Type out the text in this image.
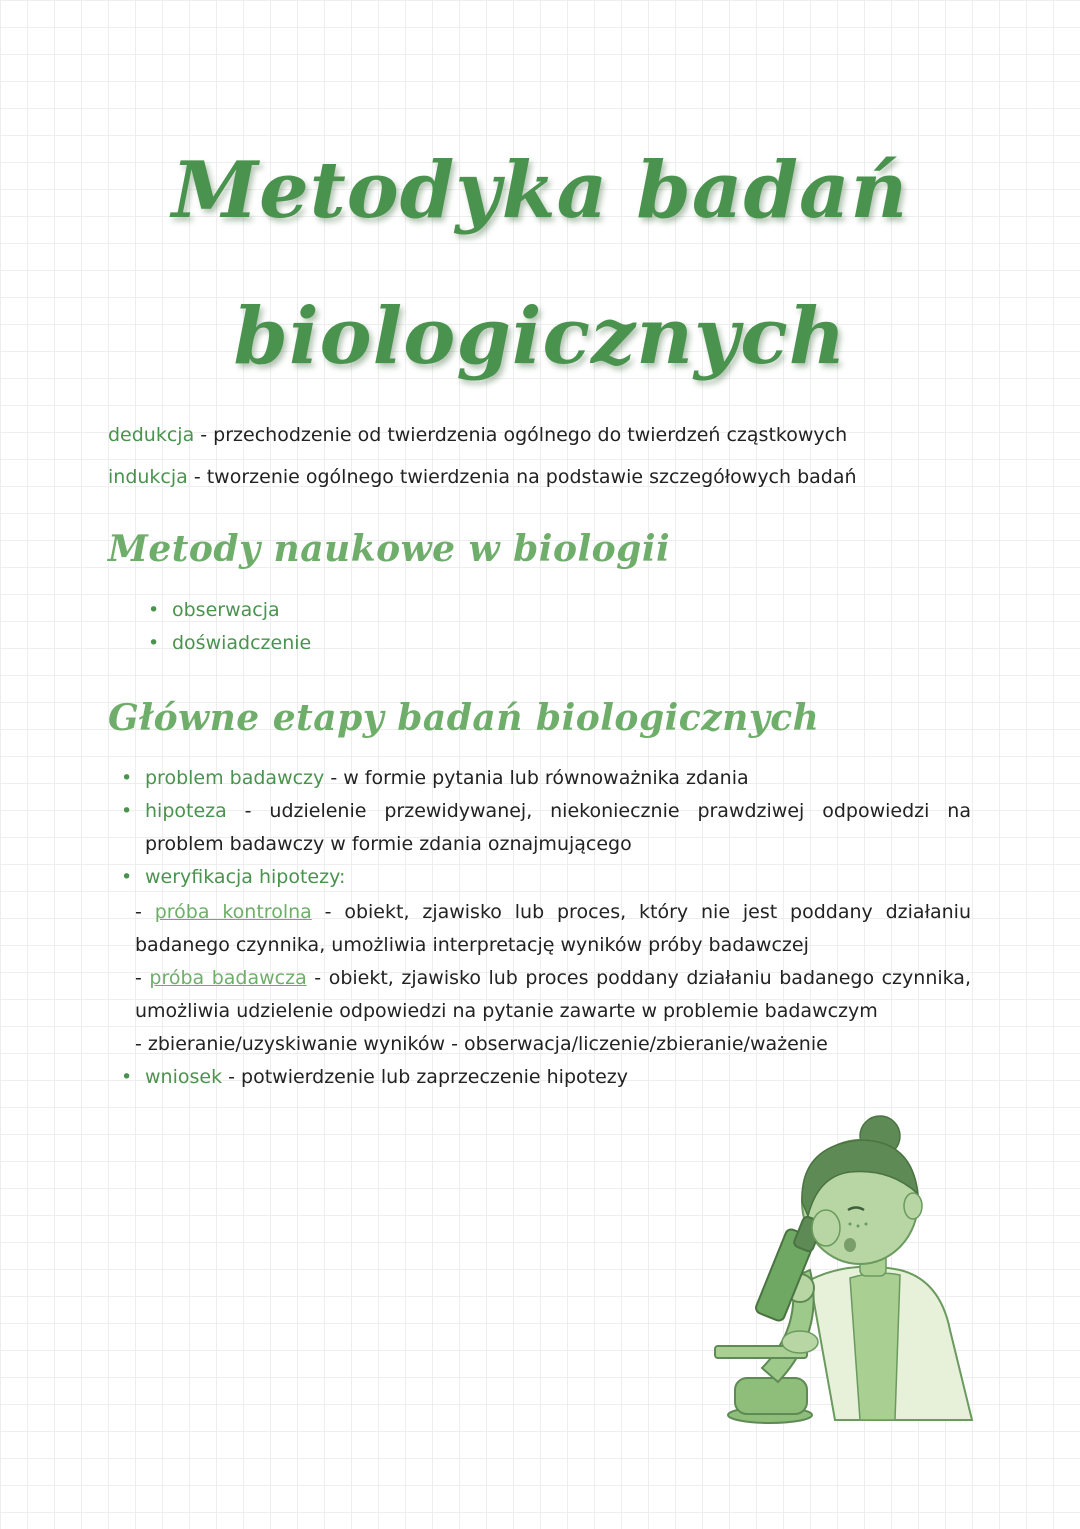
Metodyka badań
biologicznych
dedukcja - przechodzenie od twierdzenia ogólnego do twierdzeń cząstkowych
indukcja - tworzenie ogólnego twierdzenia na podstawie szczegółowych badań
Metody naukowe w biologii
• obserwacja
• doświadczenie
Główne etapy badań biologicznych
• problem badawczy - w formie pytania lub równoważnika zdania
• hipoteza - udzielenie przewidywanej, niekoniecznie prawdziwej odpowiedzi na problem badawczy w formie zdania oznajmującego
• weryfikacja hipotezy:
- próba kontrolna - obiekt, zjawisko lub proces, który nie jest poddany działaniu badanego czynnika, umożliwia interpretację wyników próby badawczej
- próba badawcza - obiekt, zjawisko lub proces poddany działaniu badanego czynnika, umożliwia udzielenie odpowiedzi na pytanie zawarte w problemie badawczym
- zbieranie/uzyskiwanie wyników - obserwacja/liczenie/zbieranie/ważenie
• wniosek - potwierdzenie lub zaprzeczenie hipotezy
